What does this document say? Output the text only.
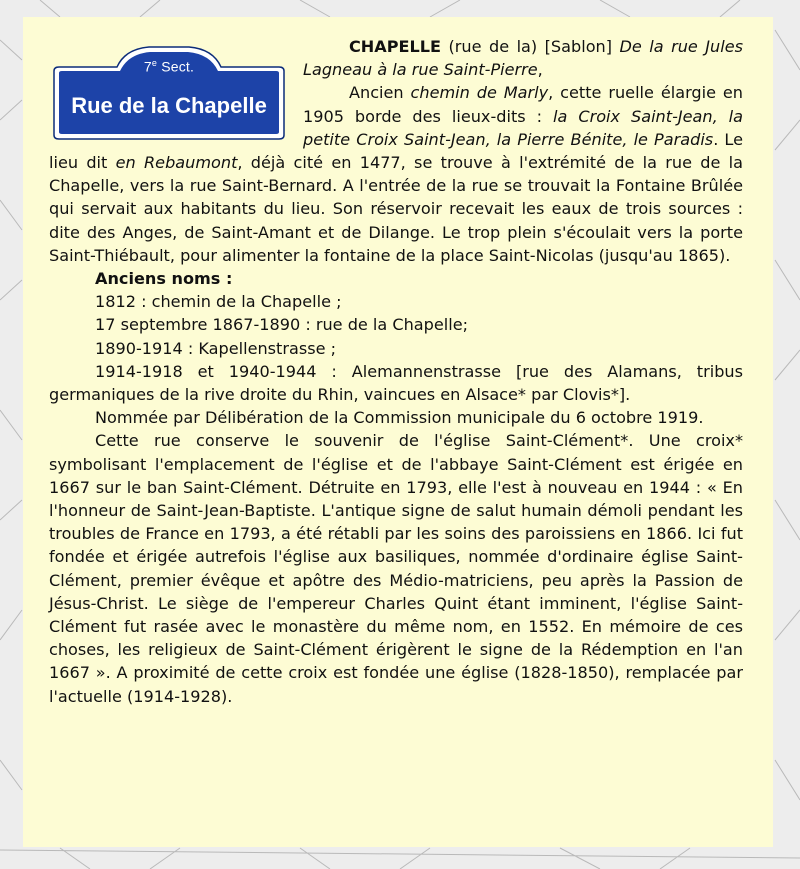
7e Sect.
Rue de la Chapelle

CHAPELLE (rue de la) [Sablon] De la rue Jules Lagneau à la rue Saint-Pierre,

Ancien chemin de Marly, cette ruelle élargie en 1905 borde des lieux-dits : la Croix Saint-Jean, la petite Croix Saint-Jean, la Pierre Bénite, le Paradis. Le lieu dit en Rebaumont, déjà cité en 1477, se trouve à l'extrémité de la rue de la Chapelle, vers la rue Saint-Bernard. A l'entrée de la rue se trouvait la Fontaine Brûlée qui servait aux habitants du lieu. Son réservoir recevait les eaux de trois sources : dite des Anges, de Saint-Amant et de Dilange. Le trop plein s'écoulait vers la porte Saint-Thiébault, pour alimenter la fontaine de la place Saint-Nicolas (jusqu'au 1865).

Anciens noms :

1812 : chemin de la Chapelle ;

17 septembre 1867-1890 : rue de la Chapelle;

1890-1914 : Kapellenstrasse ;

1914-1918 et 1940-1944 : Alemannenstrasse [rue des Alamans, tribus germaniques de la rive droite du Rhin, vaincues en Alsace* par Clovis*].

Nommée par Délibération de la Commission municipale du 6 octobre 1919.

Cette rue conserve le souvenir de l'église Saint-Clément*. Une croix* symbolisant l'emplacement de l'église et de l'abbaye Saint-Clément est érigée en 1667 sur le ban Saint-Clément. Détruite en 1793, elle l'est à nouveau en 1944 : « En l'honneur de Saint-Jean-Baptiste. L'antique signe de salut humain démoli pendant les troubles de France en 1793, a été rétabli par les soins des paroissiens en 1866. Ici fut fondée et érigée autrefois l'église aux basiliques, nommée d'ordinaire église Saint-Clément, premier évêque et apôtre des Médio-matriciens, peu après la Passion de Jésus-Christ. Le siège de l'empereur Charles Quint étant imminent, l'église Saint-Clément fut rasée avec le monastère du même nom, en 1552. En mémoire de ces choses, les religieux de Saint-Clément érigèrent le signe de la Rédemption en l'an 1667 ». A proximité de cette croix est fondée une église (1828-1850), remplacée par l'actuelle (1914-1928).
